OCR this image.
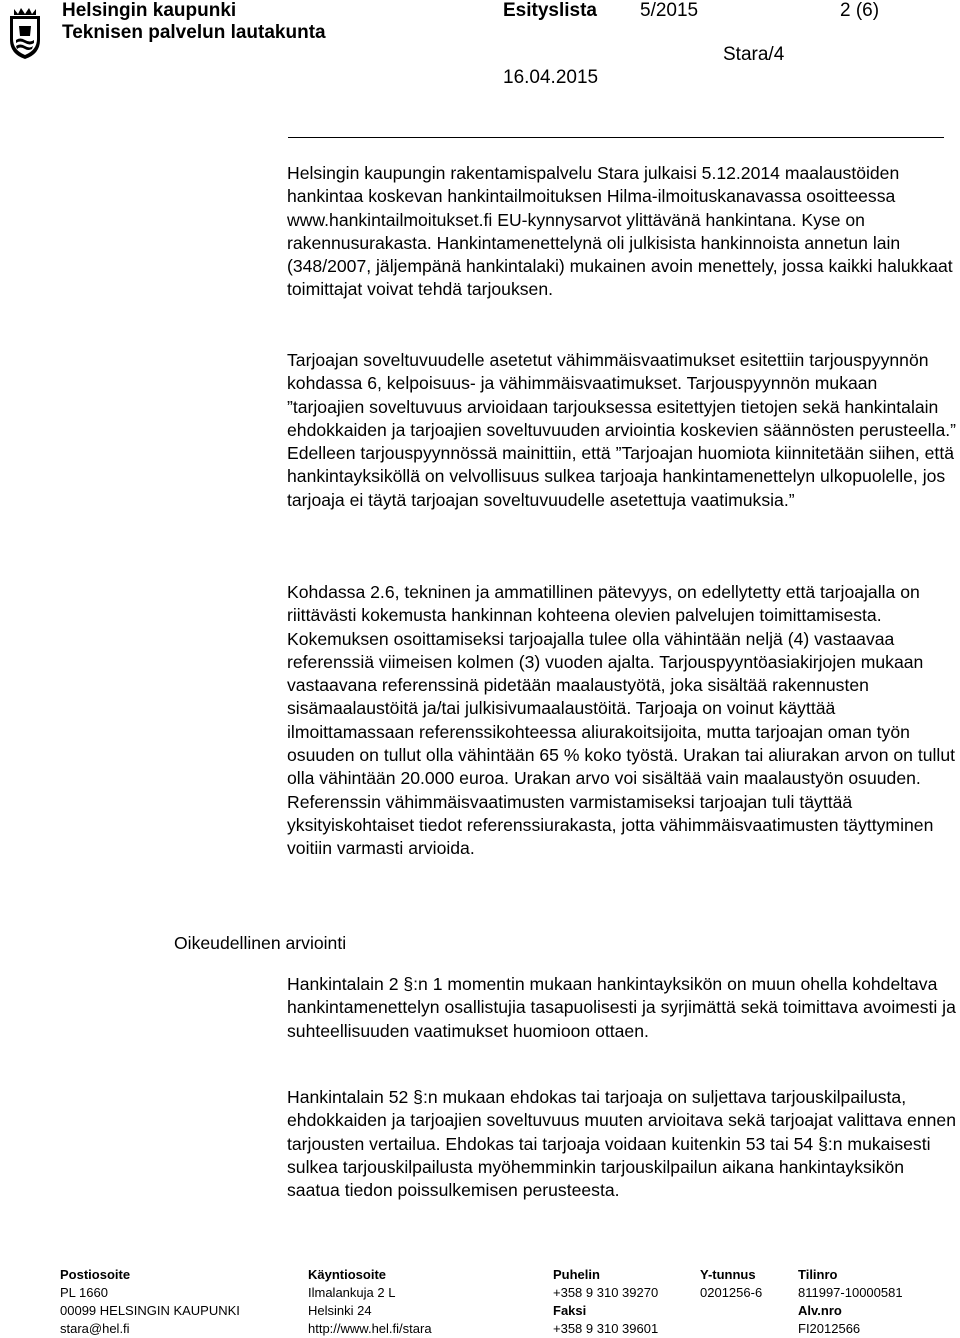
Helsingin kaupunki
Teknisen palvelun lautakunta
Esityslista 5/2015	2 (6)
Stara/4
16.04.2015

Helsingin kaupungin rakentamispalvelu Stara julkaisi 5.12.2014 maalaustöiden hankintaa koskevan hankintailmoituksen Hilma-ilmoituskanavassa osoitteessa www.hankintailmoitukset.fi EU-kynnysarvot ylittävänä hankintana. Kyse on rakennusurakasta. Hankintamenettelynä oli julkisista hankinnoista annetun lain (348/2007, jäljempänä hankintalaki) mukainen avoin menettely, jossa kaikki halukkaat toimittajat voivat tehdä tarjouksen.

Tarjoajan soveltuvuudelle asetetut vähimmäisvaatimukset esitettiin tarjouspyynnön kohdassa 6, kelpoisuus- ja vähimmäisvaatimukset. Tarjouspyynnön mukaan ”tarjoajien soveltuvuus arvioidaan tarjouksessa esitettyjen tietojen sekä hankintalain ehdokkaiden ja tarjoajien soveltuvuuden arviointia koskevien säännösten perusteella.” Edelleen tarjouspyynnössä mainittiin, että ”Tarjoajan huomiota kiinnitetään siihen, että hankintayksiköllä on velvollisuus sulkea tarjoaja hankintamenettelyn ulkopuolelle, jos tarjoaja ei täytä tarjoajan soveltuvuudelle asetettuja vaatimuksia.”

Kohdassa 2.6, tekninen ja ammatillinen pätevyys, on edellytetty että tarjoajalla on riittävästi kokemusta hankinnan kohteena olevien palvelujen toimittamisesta. Kokemuksen osoittamiseksi tarjoajalla tulee olla vähintään neljä (4) vastaavaa referenssiä viimeisen kolmen (3) vuoden ajalta. Tarjouspyyntöasiakirjojen mukaan vastaavana referenssinä pidetään maalaustyötä, joka sisältää rakennusten sisämaalaustöitä ja/tai julkisivumaalaustöitä. Tarjoaja on voinut käyttää ilmoittamassaan referenssikohteessa aliurakoitsijoita, mutta tarjoajan oman työn osuuden on tullut olla vähintään 65 % koko työstä. Urakan tai aliurakan arvon on tullut olla vähintään 20.000 euroa. Urakan arvo voi sisältää vain maalaustyön osuuden. Referenssin vähimmäisvaatimusten varmistamiseksi tarjoajan tuli täyttää yksityiskohtaiset tiedot referenssiurakasta, jotta vähimmäisvaatimusten täyttyminen voitiin varmasti arvioida.

Oikeudellinen arviointi

Hankintalain 2 §:n 1 momentin mukaan hankintayksikön on muun ohella kohdeltava hankintamenettelyn osallistujia tasapuolisesti ja syrjimättä sekä toimittava avoimesti ja suhteellisuuden vaatimukset huomioon ottaen.

Hankintalain 52 §:n mukaan ehdokas tai tarjoaja on suljettava tarjouskilpailusta, ehdokkaiden ja tarjoajien soveltuvuus muuten arvioitava sekä tarjoajat valittava ennen tarjousten vertailua. Ehdokas tai tarjoaja voidaan kuitenkin 53 tai 54 §:n mukaisesti sulkea tarjouskilpailusta myöhemminkin tarjouskilpailun aikana hankintayksikön saatua tiedon poissulkemisen perusteesta.

Postiosoite
PL 1660
00099 HELSINGIN KAUPUNKI
stara@hel.fi
Käyntiosoite
Ilmalankuja 2 L
Helsinki 24
http://www.hel.fi/stara
Puhelin
+358 9 310 39270
Faksi
+358 9 310 39601
Y-tunnus
0201256-6
Tilinro
811997-10000581
Alv.nro
FI2012566
